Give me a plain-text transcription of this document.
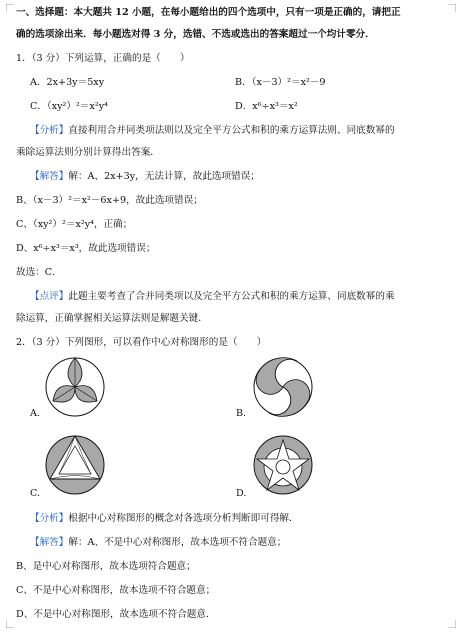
一、选择题：本大题共 12 小题，在每小题给出的四个选项中，只有一项是正确的，请把正
确的选项涂出来．每小题选对得 3 分，选错、不选或选出的答案超过一个均计零分．
1．（3 分）下列运算，正确的是（　　）
A．2x+3y＝5xy	B．（x－3）²＝x²－9
C．（xy²）²＝x²y⁴	D．x⁶÷x³＝x²
【分析】直接利用合并同类项法则以及完全平方公式和积的乘方运算法则、同底数幂的
乘除运算法则分别计算得出答案．
【解答】解：A、2x+3y，无法计算，故此选项错误；
B、（x－3）²＝x²－6x+9，故此选项错误；
C、（xy²）²＝x²y⁴，正确；
D、x⁶÷x³＝x³，故此选项错误；
故选：C．
【点评】此题主要考查了合并同类项以及完全平方公式和积的乘方运算、同底数幂的乘
除运算，正确掌握相关运算法则是解题关键．
2．（3 分）下列图形，可以看作中心对称图形的是（　　）
A.	B.
C.	D.
【分析】根据中心对称图形的概念对各选项分析判断即可得解．
【解答】解：A、不是中心对称图形，故本选项不符合题意；
B、是中心对称图形，故本选项符合题意；
C、不是中心对称图形，故本选项不符合题意；
D、不是中心对称图形，故本选项不符合题意．
